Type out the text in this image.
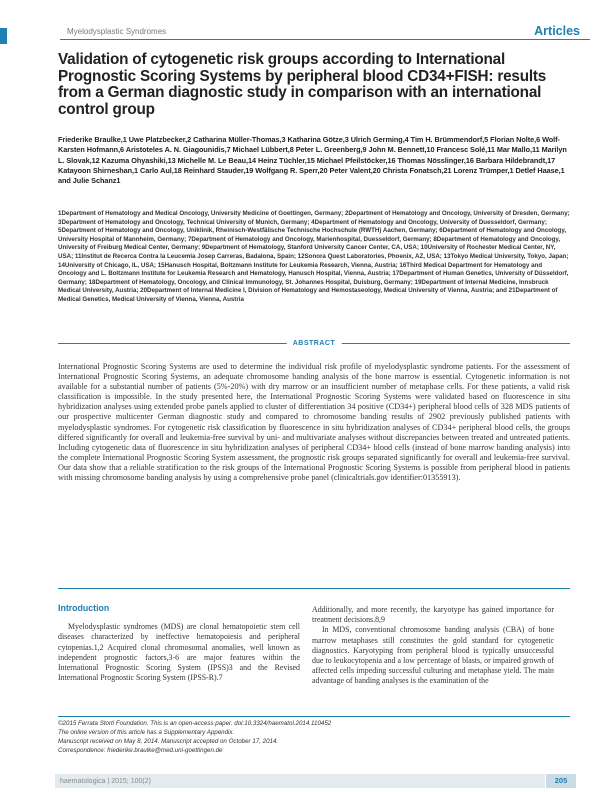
Myelodysplastic Syndromes	Articles
Validation of cytogenetic risk groups according to International Prognostic Scoring Systems by peripheral blood CD34+FISH: results from a German diagnostic study in comparison with an international control group
Friederike Braulke,1 Uwe Platzbecker,2 Catharina Müller-Thomas,3 Katharina Götze,3 Ulrich Germing,4 Tim H. Brümmendorf,5 Florian Nolte,6 Wolf-Karsten Hofmann,6 Aristoteles A. N. Giagounidis,7 Michael Lübbert,8 Peter L. Greenberg,9 John M. Bennett,10 Francesc Solé,11 Mar Mallo,11 Marilyn L. Slovak,12 Kazuma Ohyashiki,13 Michelle M. Le Beau,14 Heinz Tüchler,15 Michael Pfeilstöcker,16 Thomas Nösslinger,16 Barbara Hildebrandt,17 Katayoon Shirneshan,1 Carlo Aul,18 Reinhard Stauder,19 Wolfgang R. Sperr,20 Peter Valent,20 Christa Fonatsch,21 Lorenz Trümper,1 Detlef Haase,1 and Julie Schanz1
1Department of Hematology and Medical Oncology, University Medicine of Goettingen, Germany; 2Department of Hematology and Oncology, University of Dresden, Germany; 3Department of Hematology and Oncology, Technical University of Munich, Germany; 4Department of Hematology and Oncology, University of Duesseldorf, Germany; 5Department of Hematology and Oncology, Uniklinik, Rheinisch-Westfälische Technische Hochschule (RWTH) Aachen, Germany; 6Department of Hematology and Oncology, University Hospital of Mannheim, Germany; 7Department of Hematology and Oncology, Marienhospital, Duesseldorf, Germany; 8Department of Hematology and Oncology, University of Freiburg Medical Center, Germany; 9Department of Hematology, Stanford University Cancer Center, CA, USA; 10University of Rochester Medical Center, NY, USA; 11Institut de Recerca Contra la Leucemia Josep Carreras, Badalona, Spain; 12Sonora Quest Laboratories, Phoenix, AZ, USA; 13Tokyo Medical University, Tokyo, Japan; 14University of Chicago, IL, USA; 15Hanusch Hospital, Boltzmann Institute for Leukemia Research, Vienna, Austria; 16Third Medical Department for Hematology and Oncology and L. Boltzmann Institute for Leukemia Research and Hematology, Hanusch Hospital, Vienna, Austria; 17Department of Human Genetics, University of Düsseldorf, Germany; 18Department of Hematology, Oncology, and Clinical Immunology, St. Johannes Hospital, Duisburg, Germany; 19Department of Internal Medicine, Innsbruck Medical University, Austria; 20Department of Internal Medicine I, Division of Hematology and Hemostaseology, Medical University of Vienna, Austria; and 21Department of Medical Genetics, Medical University of Vienna, Vienna, Austria
ABSTRACT
International Prognostic Scoring Systems are used to determine the individual risk profile of myelodysplastic syndrome patients. For the assessment of International Prognostic Scoring Systems, an adequate chromosome banding analysis of the bone marrow is essential. Cytogenetic information is not available for a substantial number of patients (5%-20%) with dry marrow or an insufficient number of metaphase cells. For these patients, a valid risk classification is impossible. In the study presented here, the International Prognostic Scoring Systems were validated based on fluorescence in situ hybridization analyses using extended probe panels applied to cluster of differentiation 34 positive (CD34+) peripheral blood cells of 328 MDS patients of our prospective multicenter German diagnostic study and compared to chromosome banding results of 2902 previously published patients with myelodysplastic syndromes. For cytogenetic risk classification by fluorescence in situ hybridization analyses of CD34+ peripheral blood cells, the groups differed significantly for overall and leukemia-free survival by uni- and multivariate analyses without discrepancies between treated and untreated patients. Including cytogenetic data of fluorescence in situ hybridization analyses of peripheral CD34+ blood cells (instead of bone marrow banding analysis) into the complete International Prognostic Scoring System assessment, the prognostic risk groups separated significantly for overall and leukemia-free survival. Our data show that a reliable stratification to the risk groups of the International Prognostic Scoring Systems is possible from peripheral blood in patients with missing chromosome banding analysis by using a comprehensive probe panel (clinicaltrials.gov identifier:01355913).
Introduction

Myelodysplastic syndromes (MDS) are clonal hematopoietic stem cell diseases characterized by ineffective hematopoiesis and peripheral cytopenias.1,2 Acquired clonal chromosomal anomalies, well known as independent prognostic factors,3-6 are major features within the International Prognostic Scoring System (IPSS)3 and the Revised International Prognostic Scoring System (IPSS-R).7

Additionally, and more recently, the karyotype has gained importance for treatment decisions.8,9

In MDS, conventional chromosome banding analysis (CBA) of bone marrow metaphases still constitutes the gold standard for cytogenetic diagnostics. Karyotyping from peripheral blood is typically unsuccessful due to leukocytopenia and a low percentage of blasts, or impaired growth of affected cells impeding successful culturing and metaphase yield. The main advantage of banding analyses is the examination of the

©2015 Ferrata Storti Foundation. This is an open-access paper. doi:10.3324/haematol.2014.110452
The online version of this article has a Supplementary Appendix.
Manuscript received on May 8, 2014. Manuscript accepted on October 17, 2014.
Correspondence: friederike.braulke@med.uni-goettingen.de
haematologica | 2015; 100(2)	205
